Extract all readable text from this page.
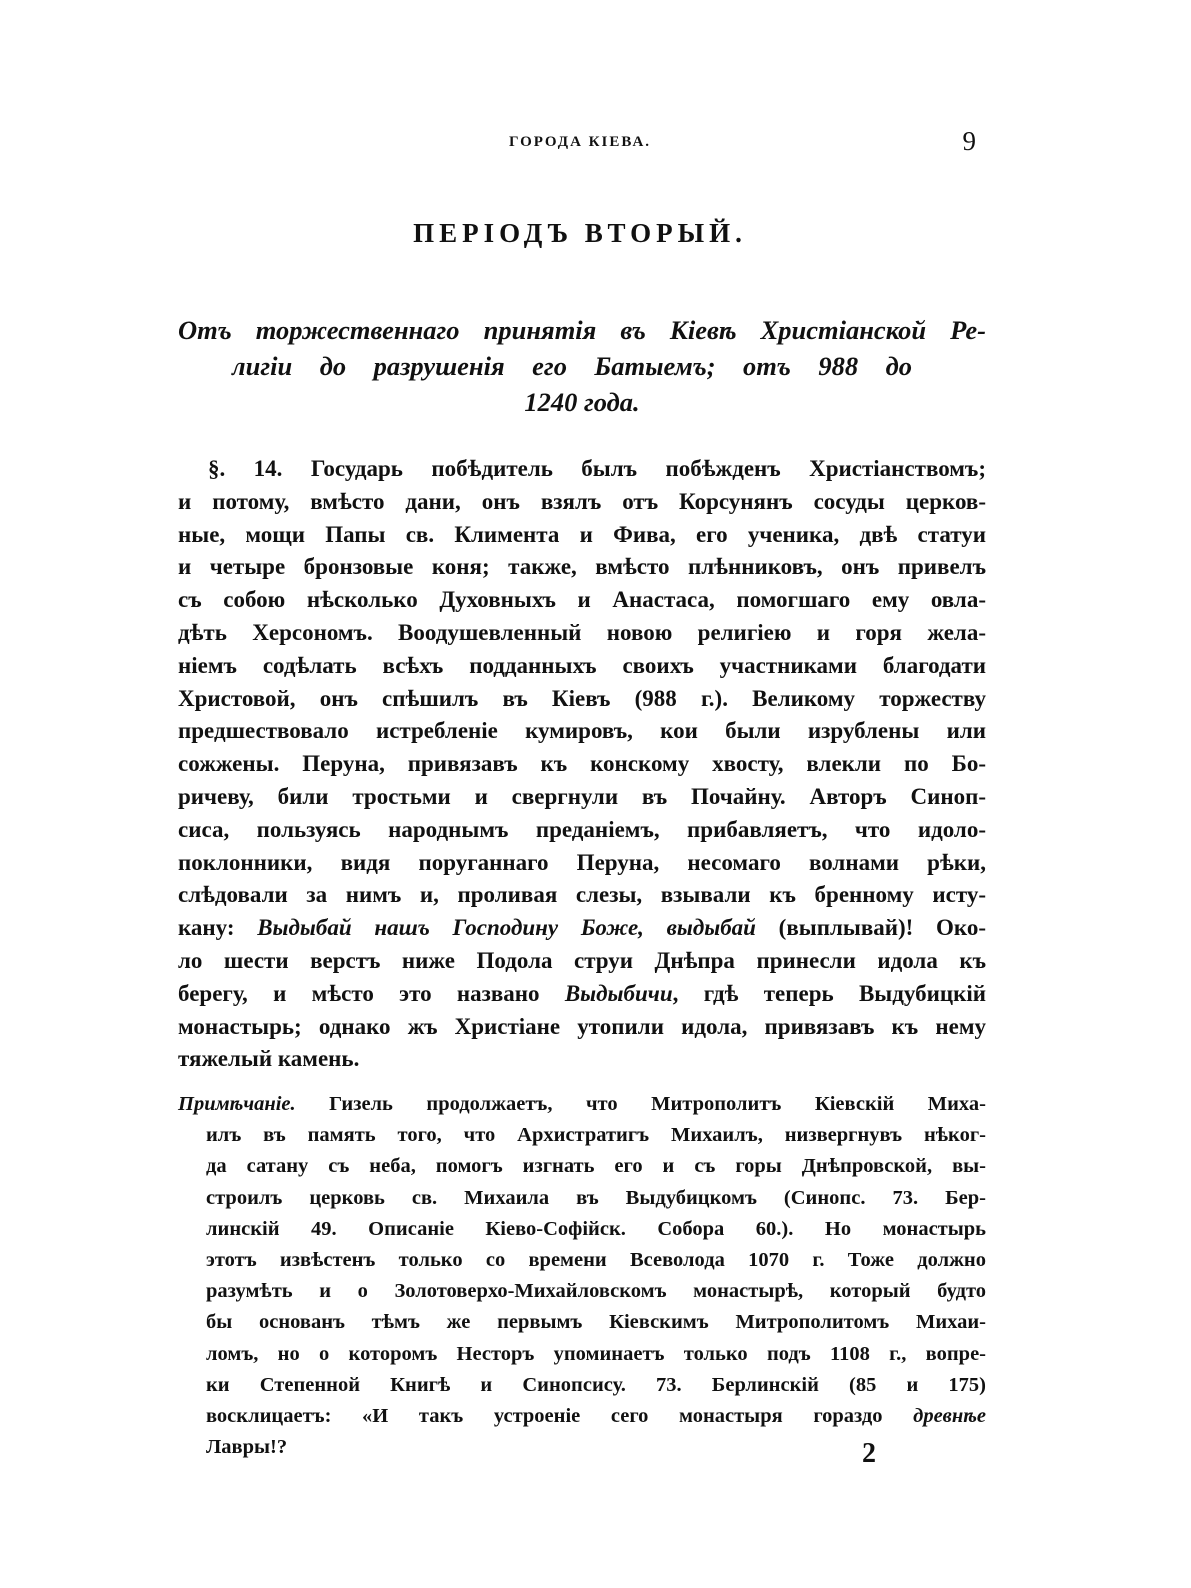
ГОРОДА КІЕВА.	9
ПЕРІОДЪ ВТОРЫЙ.
Отъ торжественнаго принятія въ Кіевѣ Христіанской Ре-
лигіи до разрушенія его Батыемъ; отъ 988 до
1240 года.
§. 14. Государь побѣдитель былъ побѣжденъ Христіанствомъ;
и потому, вмѣсто дани, онъ взялъ отъ Корсунянъ сосуды церков-
ные, мощи Папы св. Климента и Фива, его ученика, двѣ статуи
и четыре бронзовые коня; также, вмѣсто плѣнниковъ, онъ привелъ
съ собою нѣсколько Духовныхъ и Анастаса, помогшаго ему овла-
дѣть Херсономъ. Воодушевленный новою религіею и горя жела-
ніемъ содѣлать всѣхъ подданныхъ своихъ участниками благодати
Христовой, онъ спѣшилъ въ Кіевъ (988 г.). Великому торжеству
предшествовало истребленіе кумировъ, кои были изрублены или
сожжены. Перуна, привязавъ къ конскому хвосту, влекли по Бо-
ричеву, били тростьми и свергнули въ Почайну. Авторъ Синоп-
сиса, пользуясь народнымъ преданіемъ, прибавляетъ, что идоло-
поклонники, видя поруганнаго Перуна, несомаго волнами рѣки,
слѣдовали за нимъ и, проливая слезы, взывали къ бренному исту-
кану: Выдыбай нашъ Господину Боже, выдыбай (выплывай)! Око-
ло шести верстъ ниже Подола струи Днѣпра принесли идола къ
берегу, и мѣсто это названо Выдыбичи, гдѣ теперь Выдубицкій
монастырь; однако жъ Христіане утопили идола, привязавъ къ нему
тяжелый камень.
Примѣчаніе. Гизель продолжаетъ, что Митрополитъ Кіевскій Миха-
илъ въ память того, что Архистратигъ Михаилъ, низвергнувъ нѣког-
да сатану съ неба, помогъ изгнать его и съ горы Днѣпровской, вы-
строилъ церковь св. Михаила въ Выдубицкомъ (Синопс. 73. Бер-
линскій 49. Описаніе Кіево-Софійск. Собора 60.). Но монастырь
этотъ извѣстенъ только со времени Всеволода 1070 г. Тоже должно
разумѣть и о Золотоверхо-Михайловскомъ монастырѣ, который будто
бы основанъ тѣмъ же первымъ Кіевскимъ Митрополитомъ Михаи-
ломъ, но о которомъ Несторъ упоминаетъ только подъ 1108 г., вопре-
ки Степенной Книгѣ и Синопсису. 73. Берлинскій (85 и 175)
восклицаетъ: «И такъ устроеніе сего монастыря гораздо древнѣе
Лавры!?	2
